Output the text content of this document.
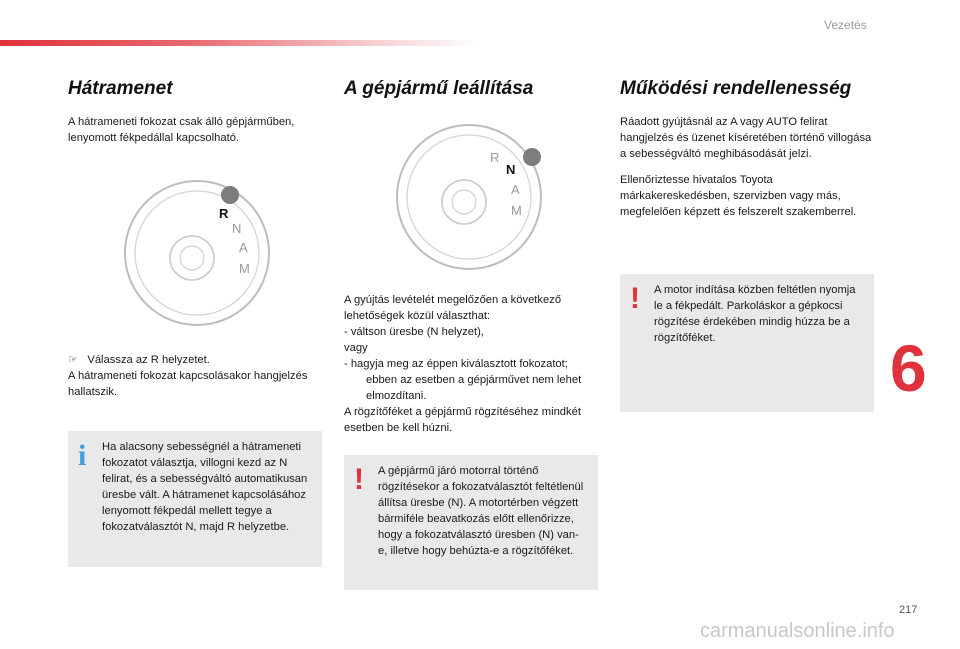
Vezetés
Hátramenet

A hátrameneti fokozat csak álló gépjárműben, lenyomott fékpedállal kapcsolható.

R
N
A
M
☞ Válassza az R helyzetet.
A hátrameneti fokozat kapcsolásakor hangjelzés hallatszik.
i Ha alacsony sebességnél a hátrameneti fokozatot választja, villogni kezd az N felirat, és a sebességváltó automatikusan üresbe vált. A hátramenet kapcsolásához lenyomott fékpedál mellett tegye a fokozatválasztót N, majd R helyzetbe.
A gépjármű leállítása
R
N
A
M
A gyújtás levételét megelőzően a következő lehetőségek közül választhat:
- váltson üresbe (N helyzet),
vagy
- hagyja meg az éppen kiválasztott fokozatot; ebben az esetben a gépjárművet nem lehet elmozdítani.
A rögzítőféket a gépjármű rögzítéséhez mindkét esetben be kell húzni.
! A gépjármű járó motorral történő rögzítésekor a fokozatválasztót feltétlenül állítsa üresbe (N). A motortérben végzett bármiféle beavatkozás előtt ellenőrizze, hogy a fokozatválasztó üresben (N) van-e, illetve hogy behúzta-e a rögzítőféket.
Működési rendellenesség

Ráadott gyújtásnál az A vagy AUTO felirat hangjelzés és üzenet kíséretében történő villogása a sebességváltó meghibásodását jelzi.

Ellenőriztesse hivatalos Toyota márkakereskedésben, szervizben vagy más, megfelelően képzett és felszerelt szakemberrel.

! A motor indítása közben feltétlen nyomja le a fékpedált. Parkoláskor a gépkocsi rögzítése érdekében mindig húzza be a rögzítőféket.	6
217
carmanualsonline.info
